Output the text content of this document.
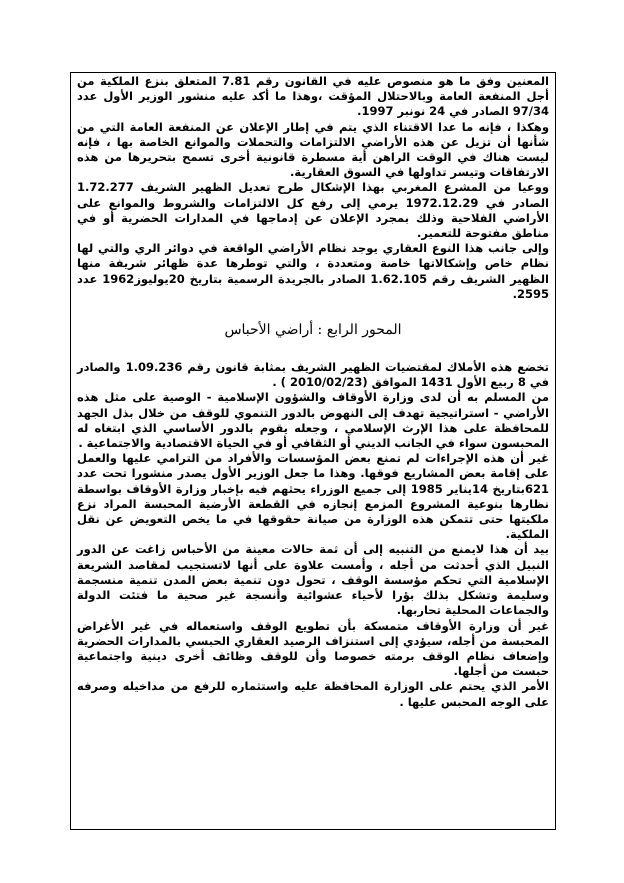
المعنين وفق ما هو منصوص عليه في القانون رقم 7.81 المتعلق بنزع الملكية من أجل المنفعة العامة وبالاحتلال المؤقت ،وهذا ما أكد عليه منشور الوزير الأول عدد 97/34 الصادر في 24 نونبر 1997.

وهكذا ، فإنه ما عدا الاقتناء الذي يتم في إطار الإعلان عن المنفعة العامة التي من شأنها أن تزيل عن هذه الأراضي الالتزامات والتحملات والموانع الخاصة بها ، فإنه ليست هناك في الوقت الراهن أية مسطرة قانونية أخرى تسمح بتحريرها من هذه الارتفاقات وتيسر تداولها في السوق العقارية.

ووعيا من المشرع المغربي بهذا الإشكال طرح تعديل الظهير الشريف 1.72.277 الصادر في 1972.12.29 يرمي إلى رفع كل الالتزامات والشروط والموانع على الأراضي الفلاحية وذلك بمجرد الإعلان عن إدماجها في المدارات الحضرية أو في مناطق مفتوحة للتعمير.

وإلى جانب هذا النوع العقاري يوجد نظام الأراضي الواقعة في دوائر الري والتي لها نظام خاص وإشكالاتها خاصة ومتعددة ، والتي توطرها عدة ظهائر شريفة منها الظهير الشريف رقم 1.62.105 الصادر بالجريدة الرسمية بتاريخ 20يوليوز1962 عدد 2595.

المحور الرابع : أراضي الأحباس

تخضع هذه الأملاك لمقتضيات الظهير الشريف بمثابة قانون رقم 1.09.236 والصادر في 8 ربيع الأول 1431 الموافق (2010/02/23 ) .

من المسلم به أن لدى وزارة الأوقاف والشؤون الإسلامية - الوصية على مثل هذه الأراضي - استراتيجية تهدف إلى النهوض بالدور التنموي للوقف من خلال بذل الجهد للمحافظة على هذا الإرث الإسلامي ، وجعله يقوم بالدور الأساسي الذي ابتغاه له المحبسون سواء في الجانب الديني أو الثقافي أو في الحياة الاقتصادية والاجتماعية .

غير أن هذه الإجراءات لم تمنع بعض المؤسسات والأفراد من الترامي عليها والعمل على إقامة بعض المشاريع فوقها. وهذا ما جعل الوزير الأول يصدر منشورا تحت عدد 621بتاريخ 14يناير 1985 إلى جميع الوزراء يحثهم فيه بإخبار وزارة الأوقاف بواسطة نظارها بنوعية المشروع المزمع إنجازه في القطعة الأرضية المحبسة المراد نزع ملكيتها حتى تتمكن هذه الوزارة من صيانة حقوقها في ما يخص التعويض عن نقل الملكية.

بيد أن هذا لايمنع من التنبيه إلى أن ثمة حالات معينة من الأحباس زاغت عن الدور النبيل الذي أحدثت من أجله ، وأمست علاوة على أنها لاتستجيب لمقاصد الشريعة الإسلامية التي تحكم مؤسسة الوقف ، تحول دون تنمية بعض المدن تنمية منسجمة وسليمة وتشكل بذلك بؤرا لأحياء عشوائية وأنسجة غير صحية ما فتئت الدولة والجماعات المحلية تحاربها.

غير أن وزارة الأوقاف متمسكة بأن تطويع الوقف واستعماله في غير الأغراض المحبسة من أجله، سيؤدي إلى استنزاف الرصيد العقاري الحبسي بالمدارات الحضرية وإضعاف نظام الوقف برمته خصوصا وأن للوقف وظائف أخرى دينية واجتماعية حبست من أجلها.

الأمر الذي يحتم على الوزارة المحافظة عليه واستثماره للرفع من مداخيله وصرفه على الوجه المحبس عليها .
